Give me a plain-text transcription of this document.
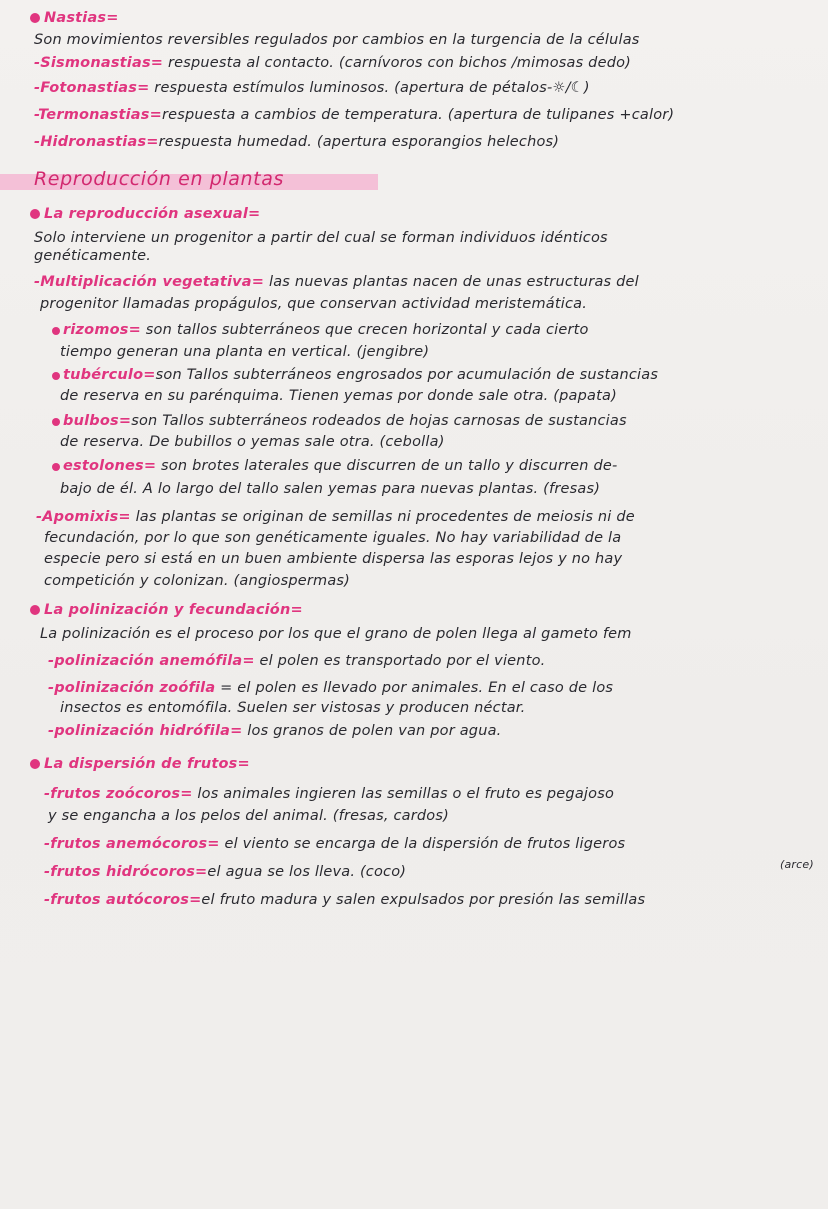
Nastias=
Son movimientos reversibles regulados por cambios en la turgencia de la células
-Sismonastias= respuesta al contacto. (carnívoros con bichos /mimosas dedo)
-Fotonastias= respuesta estímulos luminosos. (apertura de pétalos-☼/☾)
-Termonastias=respuesta a cambios de temperatura. (apertura de tulipanes +calor)
-Hidronastias=respuesta humedad. (apertura esporangios helechos)
Reproducción en plantas
La reproducción asexual=
Solo interviene un progenitor a partir del cual se forman individuos idénticos
genéticamente.
-Multiplicación vegetativa= las nuevas plantas nacen de unas estructuras del
progenitor llamadas propágulos, que conservan actividad meristemática.
rizomos= son tallos subterráneos que crecen horizontal y cada cierto
tiempo generan una planta en vertical. (jengibre)
tubérculo=son Tallos subterráneos engrosados por acumulación de sustancias
de reserva en su parénquima. Tienen yemas por donde sale otra. (papata)
bulbos=son Tallos subterráneos rodeados de hojas carnosas de sustancias
de reserva. De bubillos o yemas sale otra. (cebolla)
estolones= son brotes laterales que discurren de un tallo y discurren de-
bajo de él. A lo largo del tallo salen yemas para nuevas plantas. (fresas)
-Apomixis= las plantas se originan de semillas ni procedentes de meiosis ni de
fecundación, por lo que son genéticamente iguales. No hay variabilidad de la
especie pero si está en un buen ambiente dispersa las esporas lejos y no hay
competición y colonizan. (angiospermas)
La polinización y fecundación=
La polinización es el proceso por los que el grano de polen llega al gameto fem
-polinización anemófila= el polen es transportado por el viento.
-polinización zoófila = el polen es llevado por animales. En el caso de los
insectos es entomófila. Suelen ser vistosas y producen néctar.
-polinización hidrófila= los granos de polen van por agua.
La dispersión de frutos=
-frutos zoócoros= los animales ingieren las semillas o el fruto es pegajoso
y se engancha a los pelos del animal. (fresas, cardos)
-frutos anemócoros= el viento se encarga de la dispersión de frutos ligeros
(arce)
-frutos hidrócoros=el agua se los lleva. (coco)
-frutos autócoros=el fruto madura y salen expulsados por presión las semillas
